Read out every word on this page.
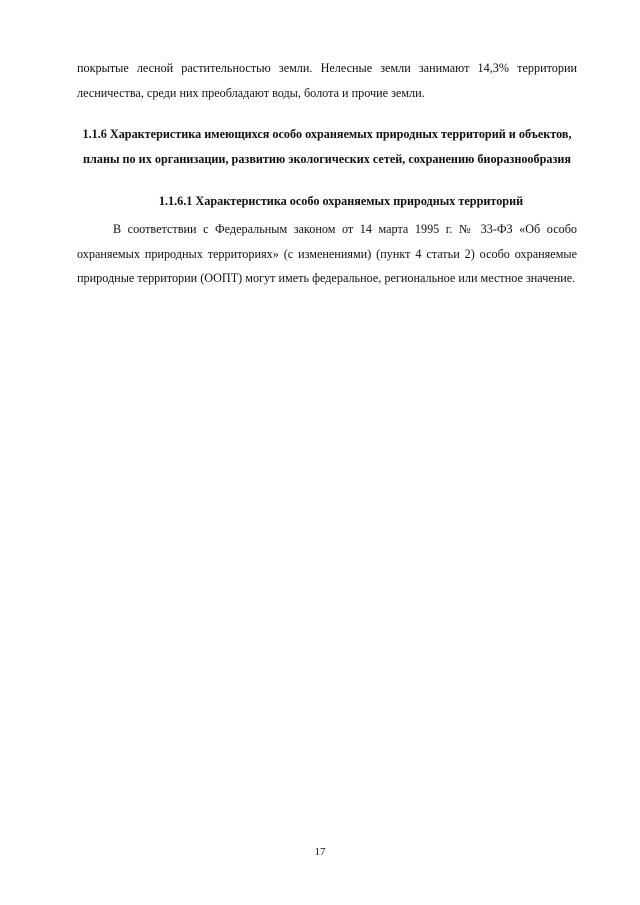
покрытые лесной растительностью земли. Нелесные земли занимают 14,3% территории лесничества, среди них преобладают воды, болота и прочие земли.

1.1.6 Характеристика имеющихся особо охраняемых природных территорий и объектов, планы по их организации, развитию экологических сетей, сохранению биоразнообразия
1.1.6.1 Характеристика особо охраняемых природных территорий

В соответствии с Федеральным законом от 14 марта 1995 г. № 33-ФЗ «Об особо охраняемых природных территориях» (с изменениями) (пункт 4 статьи 2) особо охраняемые природные территории (ООПТ) могут иметь федеральное, региональное или местное значение.

17
